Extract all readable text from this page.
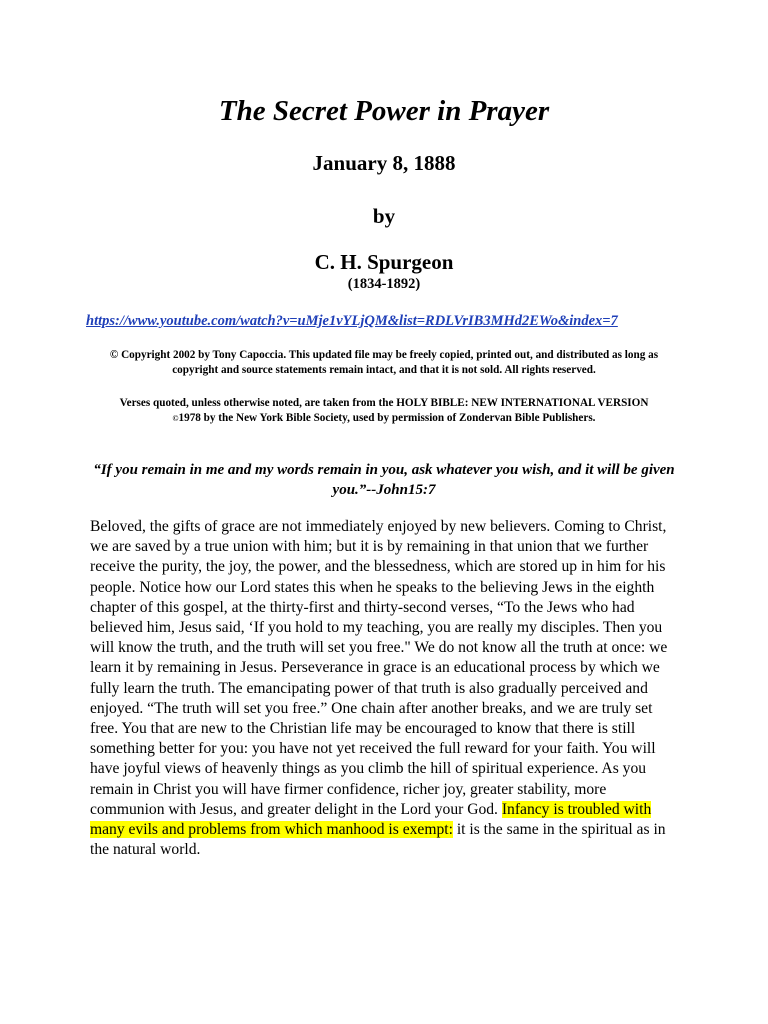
The Secret Power in Prayer
January 8, 1888
by
C. H. Spurgeon
(1834-1892)
https://www.youtube.com/watch?v=uMje1vYLjQM&list=RDLVrIB3MHd2EWo&index=7
© Copyright 2002 by Tony Capoccia. This updated file may be freely copied, printed out, and distributed as long as copyright and source statements remain intact, and that it is not sold. All rights reserved.
Verses quoted, unless otherwise noted, are taken from the HOLY BIBLE: NEW INTERNATIONAL VERSION
©1978 by the New York Bible Society, used by permission of Zondervan Bible Publishers.
“If you remain in me and my words remain in you, ask whatever you wish, and it will be given you.”--John15:7
Beloved, the gifts of grace are not immediately enjoyed by new believers. Coming to Christ, we are saved by a true union with him; but it is by remaining in that union that we further receive the purity, the joy, the power, and the blessedness, which are stored up in him for his people. Notice how our Lord states this when he speaks to the believing Jews in the eighth chapter of this gospel, at the thirty-first and thirty-second verses, “To the Jews who had believed him, Jesus said, ‘If you hold to my teaching, you are really my disciples. Then you will know the truth, and the truth will set you free." We do not know all the truth at once: we learn it by remaining in Jesus. Perseverance in grace is an educational process by which we fully learn the truth. The emancipating power of that truth is also gradually perceived and enjoyed. “The truth will set you free.” One chain after another breaks, and we are truly set free. You that are new to the Christian life may be encouraged to know that there is still something better for you: you have not yet received the full reward for your faith. You will have joyful views of heavenly things as you climb the hill of spiritual experience. As you remain in Christ you will have firmer confidence, richer joy, greater stability, more communion with Jesus, and greater delight in the Lord your God. Infancy is troubled with many evils and problems from which manhood is exempt: it is the same in the spiritual as in the natural world.
